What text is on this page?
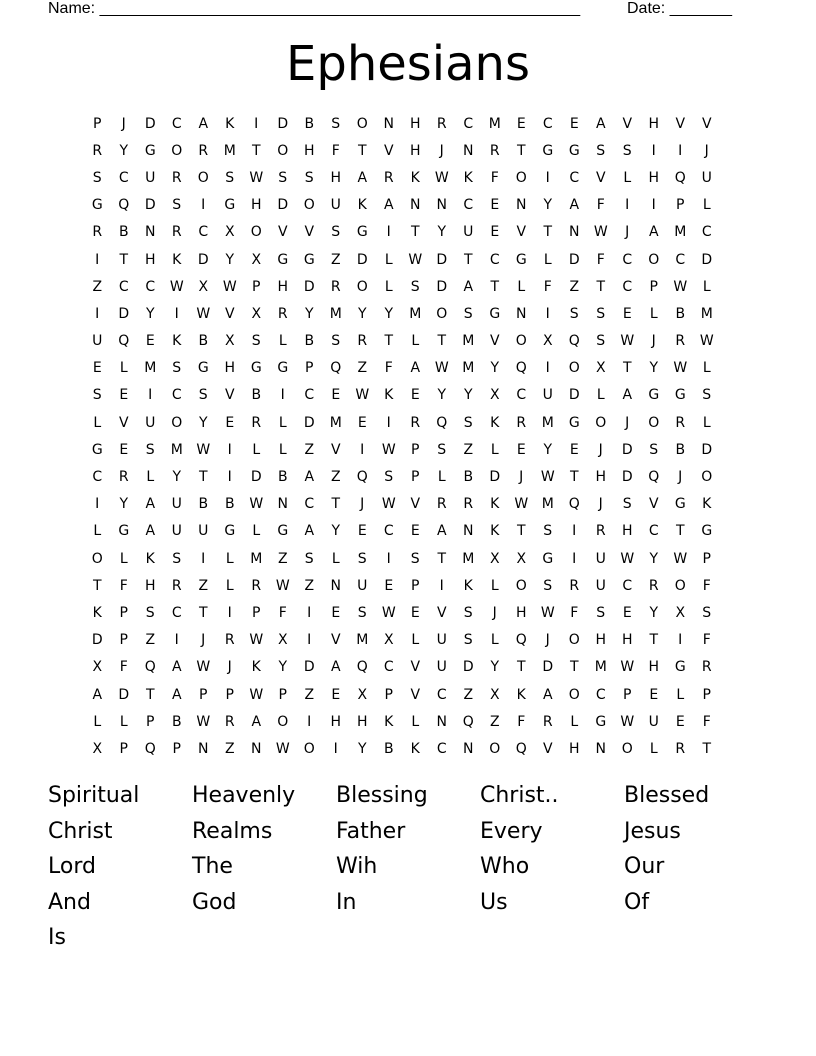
Name: ______________________________________________________	Date: _______
Ephesians
P	J	D	C	A	K	I	D	B	S	O	N	H	R	C	M	E	C	E	A	V	H	V	V
R	Y	G	O	R	M	T	O	H	F	T	V	H	J	N	R	T	G	G	S	S	I	I	J
S	C	U	R	O	S	W	S	S	H	A	R	K	W	K	F	O	I	C	V	L	H	Q	U
G	Q	D	S	I	G	H	D	O	U	K	A	N	N	C	E	N	Y	A	F	I	I	P	L
R	B	N	R	C	X	O	V	V	S	G	I	T	Y	U	E	V	T	N	W	J	A	M	C
I	T	H	K	D	Y	X	G	G	Z	D	L	W	D	T	C	G	L	D	F	C	O	C	D
Z	C	C	W	X	W	P	H	D	R	O	L	S	D	A	T	L	F	Z	T	C	P	W	L
I	D	Y	I	W	V	X	R	Y	M	Y	Y	M	O	S	G	N	I	S	S	E	L	B	M
U	Q	E	K	B	X	S	L	B	S	R	T	L	T	M	V	O	X	Q	S	W	J	R	W
E	L	M	S	G	H	G	G	P	Q	Z	F	A	W M	Y	Q	I	O	X	T	Y	W	L
S	E	I	C	S	V	B	I	C	E	W	K	E	Y	Y	X	C	U	D	L	A	G	G	S
L	V	U	O	Y	E	R	L	D	M	E	I	R	Q	S	K	R	M	G	O	J	O	R	L
G	E	S	M W	I	L	L	Z	V	I	W	P	S	Z	L	E	Y	E	J	D	S	B	D
C	R	L	Y	T	I	D	B	A	Z	Q	S	P	L	B	D	J	W	T	H	D	Q	J	O
I	Y	A	U	B	B	W	N	C	T	J	W	V	R	R	K	W M	Q	J	S	V	G	K
L	G	A	U	U	G	L	G	A	Y	E	C	E	A	N	K	T	S	I	R	H	C	T	G
O	L	K	S	I	L	M	Z	S	L	S	I	S	T	M	X	X	G	I	U	W	Y	W	P
T	F	H	R	Z	L	R	W	Z	N	U	E	P	I	K	L	O	S	R	U	C	R	O	F
K	P	S	C	T	I	P	F	I	E	S	W	E	V	S	J	H	W	F	S	E	Y	X	S
D	P	Z	I	J	R	W	X	I	V	M	X	L	U	S	L	Q	J	O	H	H	T	I	F
X	F	Q	A	W	J	K	Y	D	A	Q	C	V	U	D	Y	T	D	T	M W	H	G	R
A	D	T	A	P	P	W	P	Z	E	X	P	V	C	Z	X	K	A	O	C	P	E	L	P
L	L	P	B	W	R	A	O	I	H	H	K	L	N	Q	Z	F	R	L	G	W	U	E	F
X	P	Q	P	N	Z	N	W	O	I	Y	B	K	C	N	O	Q	V	H	N	O	L	R	T
Spiritual	Heavenly	Blessing	Christ..	Blessed
Christ	Realms	Father	Every	Jesus
Lord	The	Wih	Who	Our
And	God	In	Us	Of
Is
